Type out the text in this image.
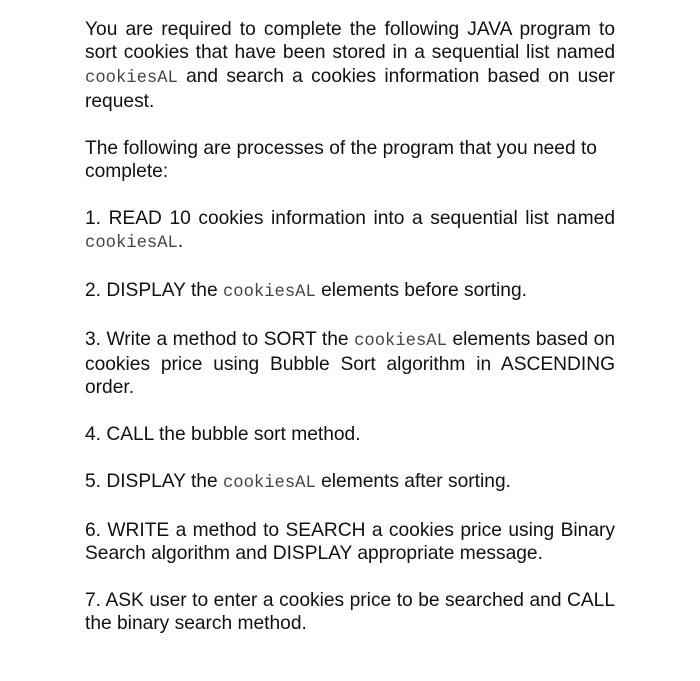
You are required to complete the following JAVA program to sort cookies that have been stored in a sequential list named cookiesAL and search a cookies information based on user request.

The following are processes of the program that you need to complete:

1. READ 10 cookies information into a sequential list named cookiesAL.

2. DISPLAY the cookiesAL elements before sorting.

3. Write a method to SORT the cookiesAL elements based on cookies price using Bubble Sort algorithm in ASCENDING order.

4. CALL the bubble sort method.

5. DISPLAY the cookiesAL elements after sorting.

6. WRITE a method to SEARCH a cookies price using Binary Search algorithm and DISPLAY appropriate message.

7. ASK user to enter a cookies price to be searched and CALL the binary search method.
